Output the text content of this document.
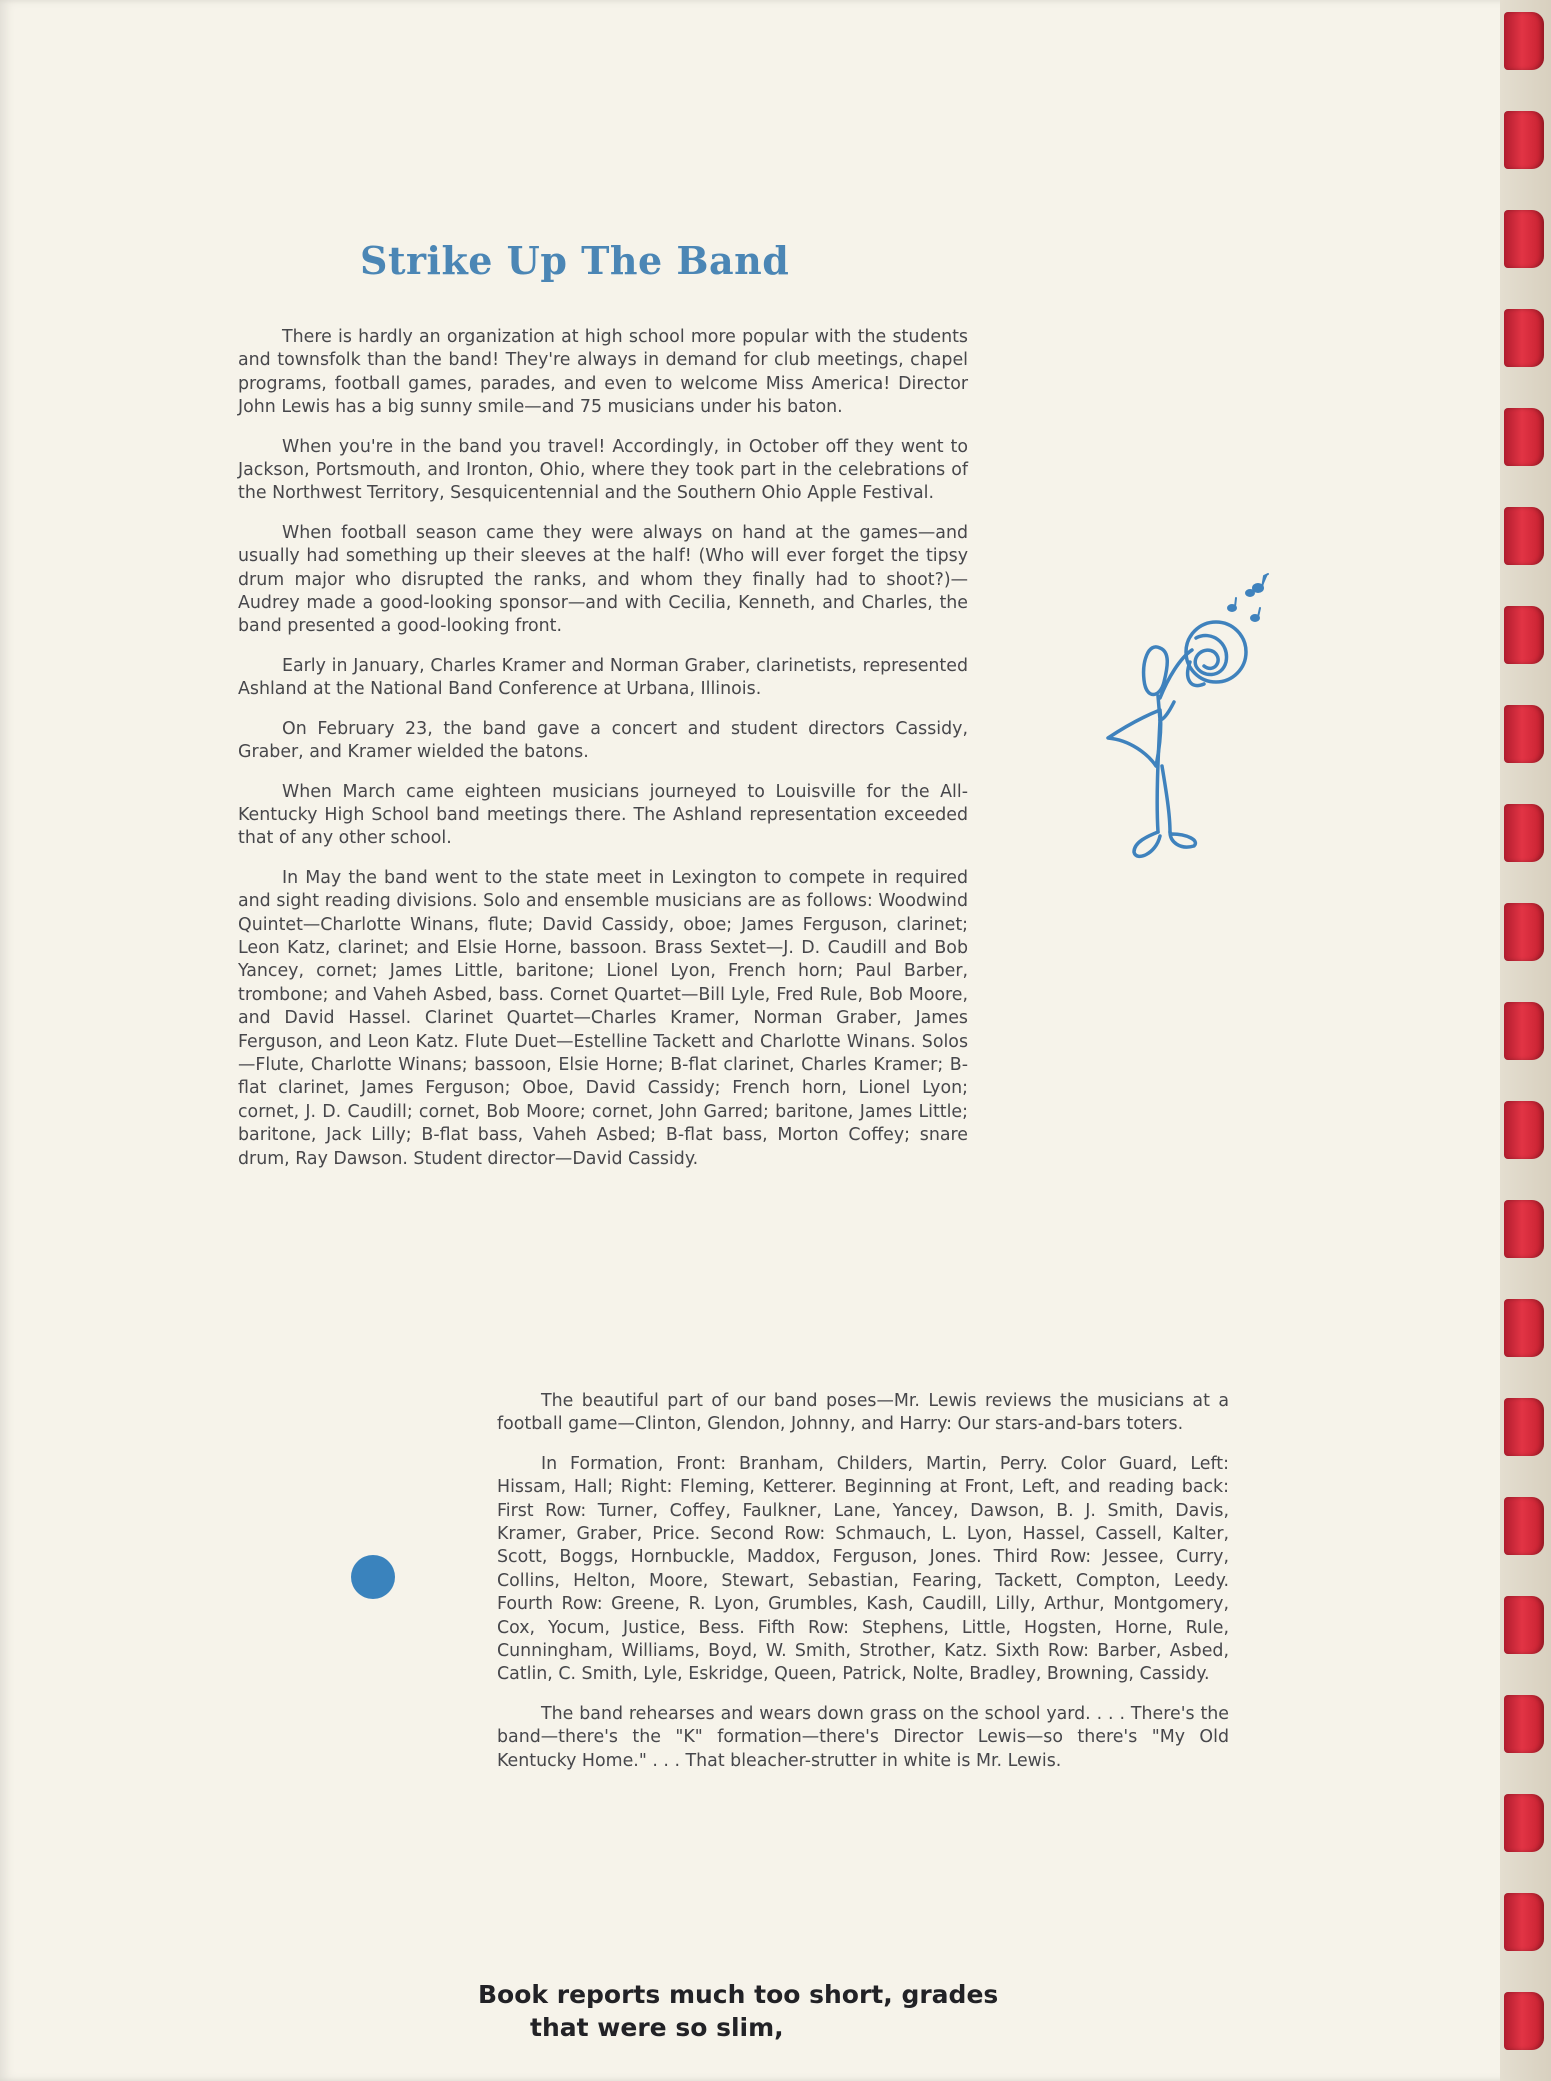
Strike Up The Band

There is hardly an organization at high school more popular with the students and townsfolk than the band! They're always in demand for club meetings, chapel programs, football games, parades, and even to welcome Miss America! Director John Lewis has a big sunny smile—and 75 musicians under his baton.

When you're in the band you travel! Accordingly, in October off they went to Jackson, Portsmouth, and Ironton, Ohio, where they took part in the celebrations of the Northwest Territory, Sesquicentennial and the Southern Ohio Apple Festival.

When football season came they were always on hand at the games—and usually had something up their sleeves at the half! (Who will ever forget the tipsy drum major who disrupted the ranks, and whom they finally had to shoot?)—Audrey made a good-looking sponsor—and with Cecilia, Kenneth, and Charles, the band presented a good-looking front.

Early in January, Charles Kramer and Norman Graber, clarinetists, represented Ashland at the National Band Conference at Urbana, Illinois.

On February 23, the band gave a concert and student directors Cassidy, Graber, and Kramer wielded the batons.

When March came eighteen musicians journeyed to Louisville for the All-Kentucky High School band meetings there. The Ashland representation exceeded that of any other school.

In May the band went to the state meet in Lexington to compete in required and sight reading divisions. Solo and ensemble musicians are as follows: Woodwind Quintet—Charlotte Winans, flute; David Cassidy, oboe; James Ferguson, clarinet; Leon Katz, clarinet; and Elsie Horne, bassoon. Brass Sextet—J. D. Caudill and Bob Yancey, cornet; James Little, baritone; Lionel Lyon, French horn; Paul Barber, trombone; and Vaheh Asbed, bass. Cornet Quartet—Bill Lyle, Fred Rule, Bob Moore, and David Hassel. Clarinet Quartet—Charles Kramer, Norman Graber, James Ferguson, and Leon Katz. Flute Duet—Estelline Tackett and Charlotte Winans. Solos—Flute, Charlotte Winans; bassoon, Elsie Horne; B-flat clarinet, Charles Kramer; B-flat clarinet, James Ferguson; Oboe, David Cassidy; French horn, Lionel Lyon; cornet, J. D. Caudill; cornet, Bob Moore; cornet, John Garred; baritone, James Little; baritone, Jack Lilly; B-flat bass, Vaheh Asbed; B-flat bass, Morton Coffey; snare drum, Ray Dawson. Student director—David Cassidy.

The beautiful part of our band poses—Mr. Lewis reviews the musicians at a football game—Clinton, Glendon, Johnny, and Harry: Our stars-and-bars toters.

In Formation, Front: Branham, Childers, Martin, Perry. Color Guard, Left: Hissam, Hall; Right: Fleming, Ketterer. Beginning at Front, Left, and reading back: First Row: Turner, Coffey, Faulkner, Lane, Yancey, Dawson, B. J. Smith, Davis, Kramer, Graber, Price. Second Row: Schmauch, L. Lyon, Hassel, Cassell, Kalter, Scott, Boggs, Hornbuckle, Maddox, Ferguson, Jones. Third Row: Jessee, Curry, Collins, Helton, Moore, Stewart, Sebastian, Fearing, Tackett, Compton, Leedy. Fourth Row: Greene, R. Lyon, Grumbles, Kash, Caudill, Lilly, Arthur, Montgomery, Cox, Yocum, Justice, Bess. Fifth Row: Stephens, Little, Hogsten, Horne, Rule, Cunningham, Williams, Boyd, W. Smith, Strother, Katz. Sixth Row: Barber, Asbed, Catlin, C. Smith, Lyle, Eskridge, Queen, Patrick, Nolte, Bradley, Browning, Cassidy.

The band rehearses and wears down grass on the school yard. . . . There's the band—there's the "K" formation—there's Director Lewis—so there's "My Old Kentucky Home." . . . That bleacher-strutter in white is Mr. Lewis.

Book reports much too short, grades
that were so slim,
